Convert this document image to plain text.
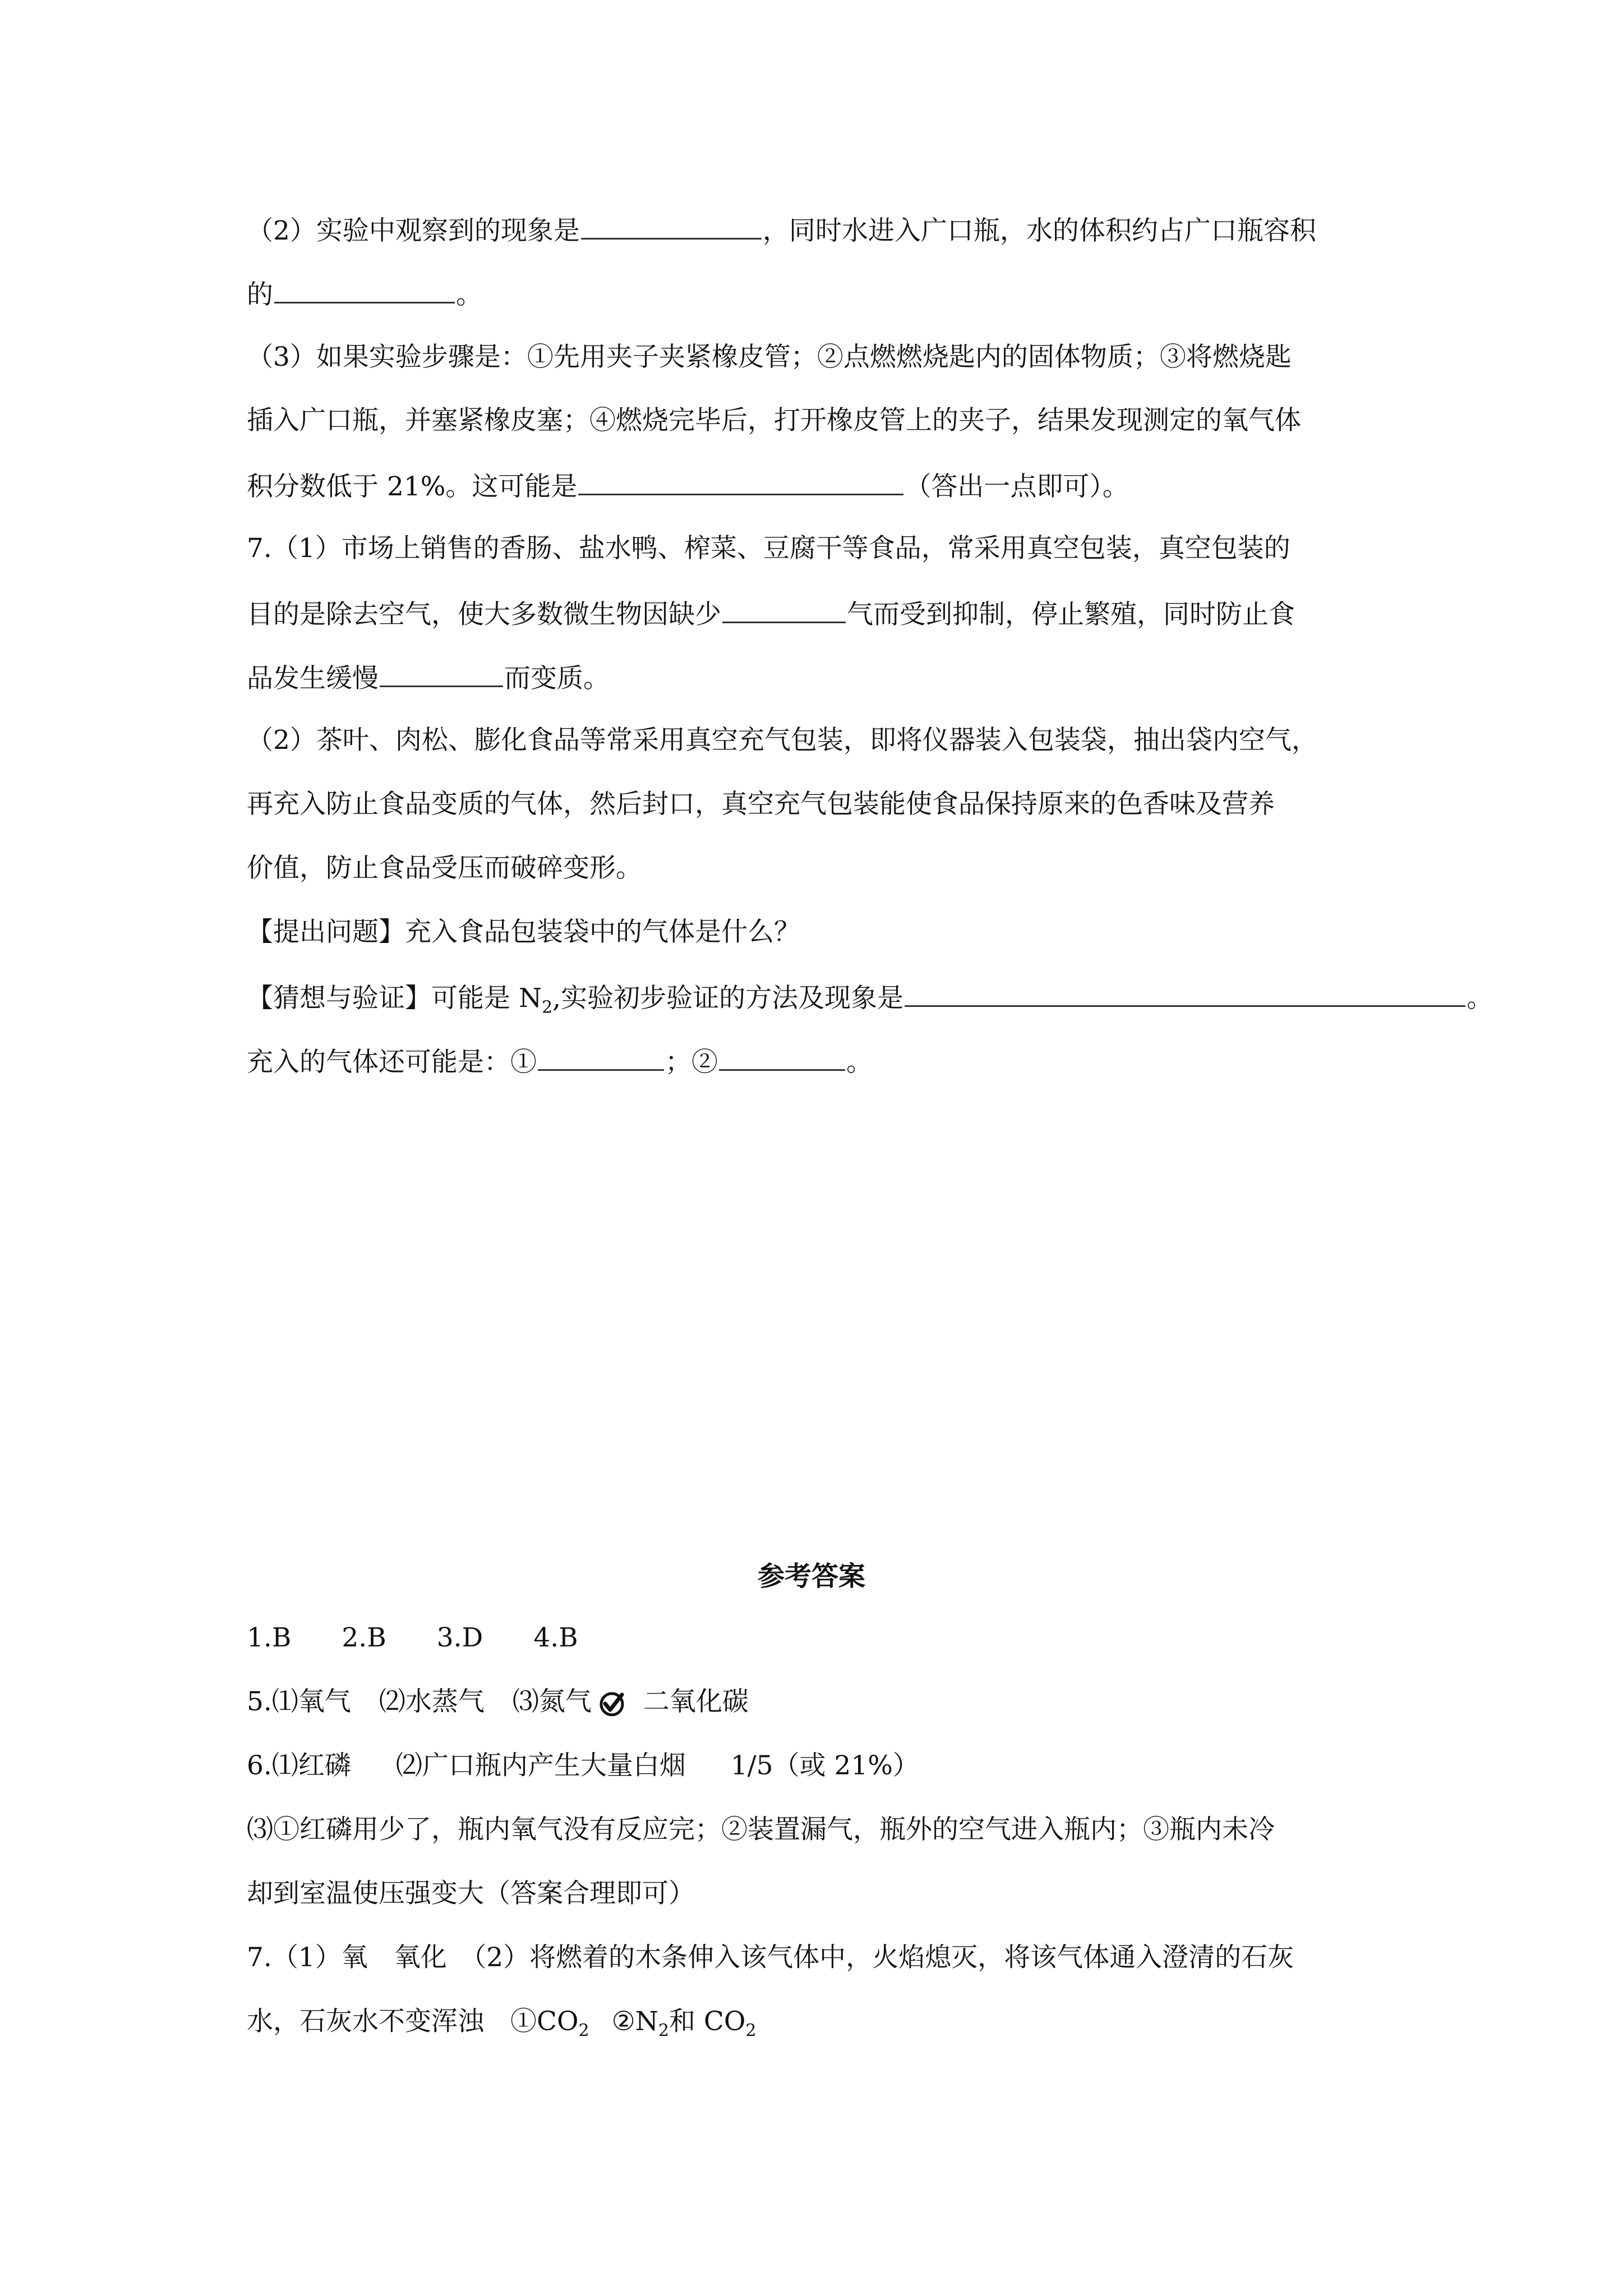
（2）实验中观察到的现象是	，同时水进入广口瓶，水的体积约占广口瓶容积
的	。
（3）如果实验步骤是：①先用夹子夹紧橡皮管；②点燃燃烧匙内的固体物质；③将燃烧匙
插入广口瓶，并塞紧橡皮塞；④燃烧完毕后，打开橡皮管上的夹子，结果发现测定的氧气体
积分数低于 21%。这可能是	（答出一点即可）。
7.（1）市场上销售的香肠、盐水鸭、榨菜、豆腐干等食品，常采用真空包装，真空包装的
目的是除去空气，使大多数微生物因缺少	气而受到抑制，停止繁殖，同时防止食
品发生缓慢	而变质。
（2）茶叶、肉松、膨化食品等常采用真空充气包装，即将仪器装入包装袋，抽出袋内空气，
再充入防止食品变质的气体，然后封口，真空充气包装能使食品保持原来的色香味及营养
价值，防止食品受压而破碎变形。
【提出问题】充入食品包装袋中的气体是什么？
【猜想与验证】可能是 $N_2$,实验初步验证的方法及现象是	。
充入的气体还可能是：①	；②	。
参考答案
1.B 2.B 3.D 4.B
5.⑴氧气 ⑵水蒸气 ⑶氮气 二氧化碳
6.⑴红磷 ⑵广口瓶内产生大量白烟 1/5（或 21%）
⑶①红磷用少了，瓶内氧气没有反应完；②装置漏气，瓶外的空气进入瓶内；③瓶内未冷
却到室温使压强变大（答案合理即可）
7.（1）氧　氧化　（2）将燃着的木条伸入该气体中，火焰熄灭，将该气体通入澄清的石灰
水，石灰水不变浑浊　$①CO_2$ $②N_2$和 $CO_2$
